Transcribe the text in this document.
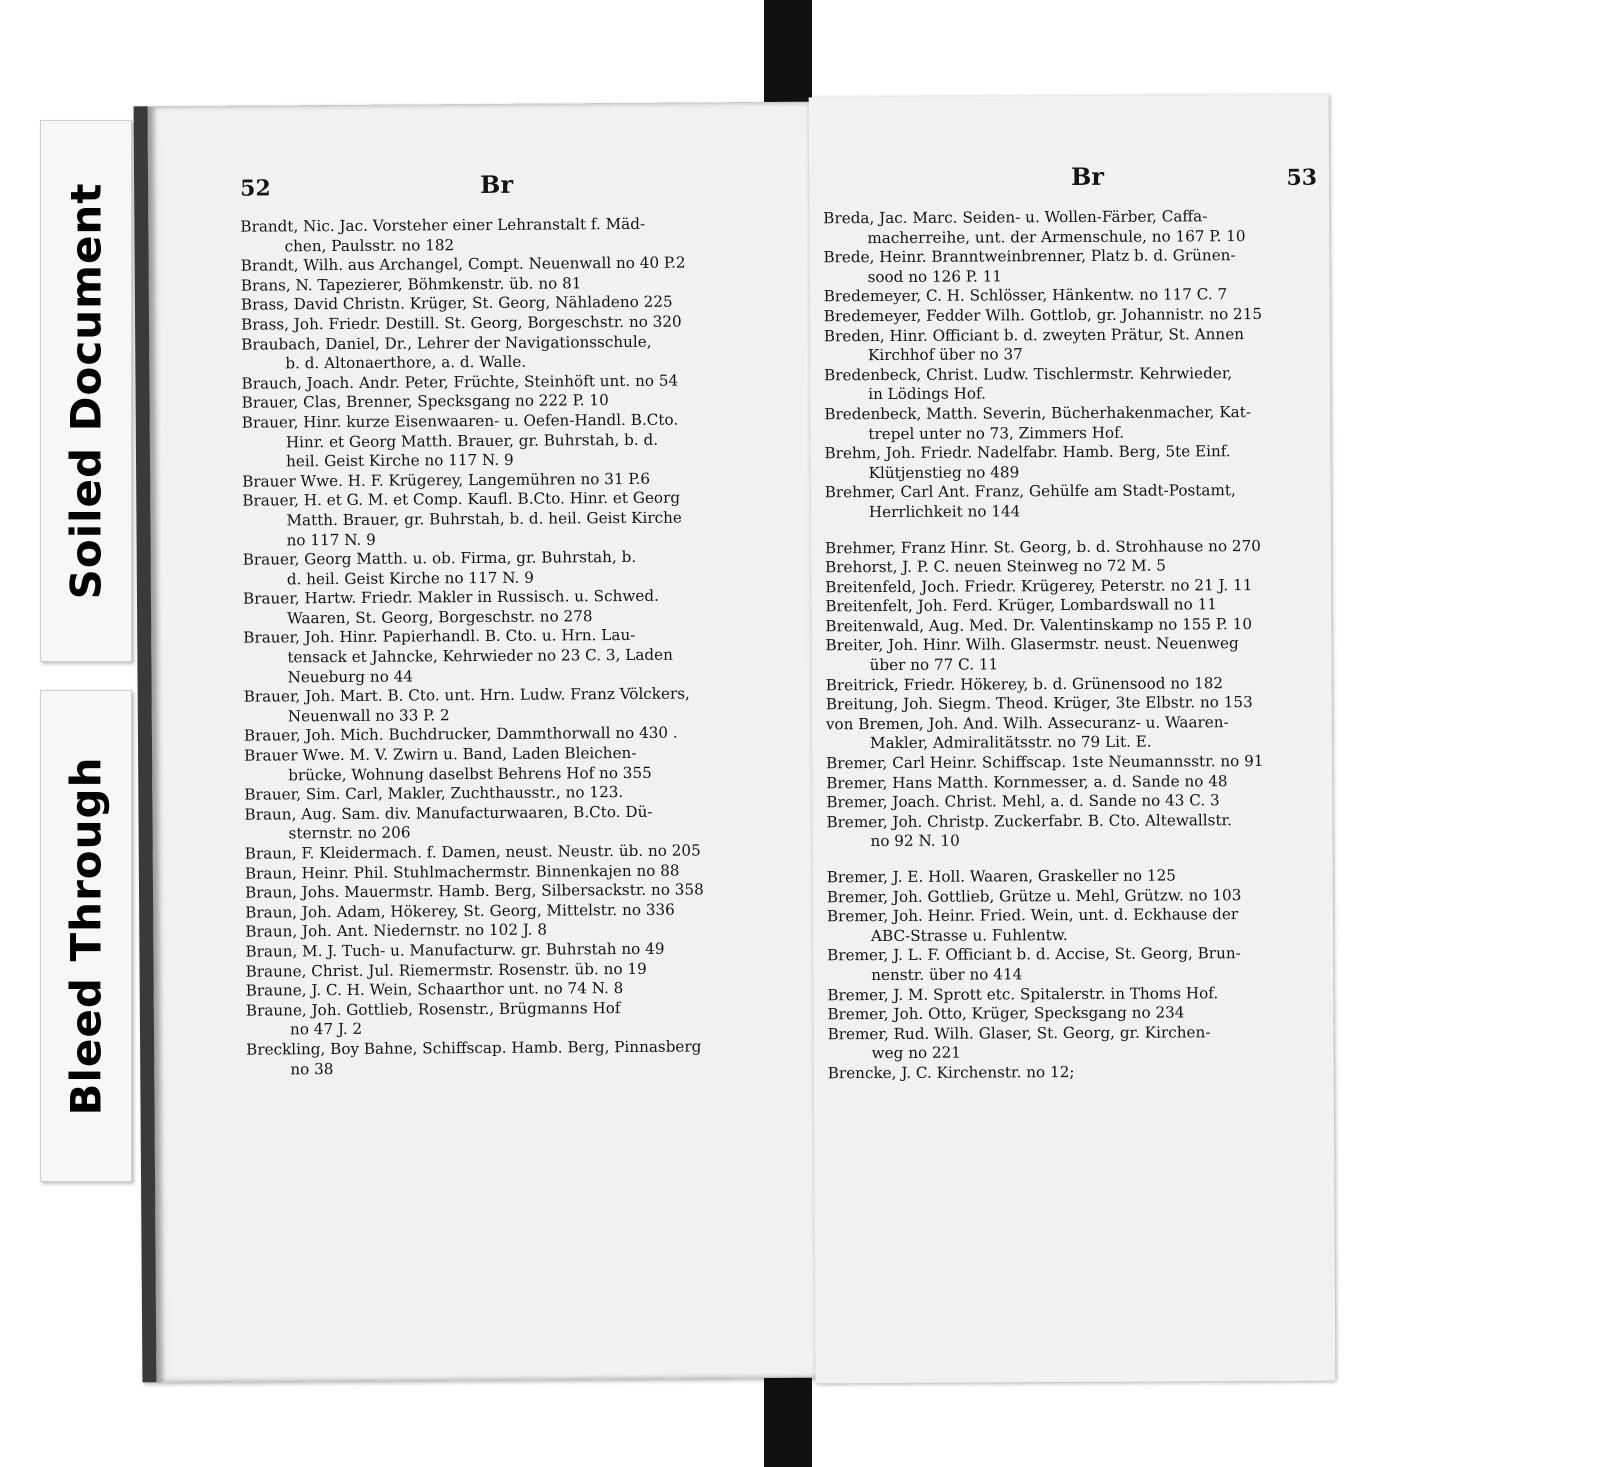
Soiled Document
Bleed Through
52	Br
Brandt, Nic. Jac. Vorsteher einer Lehranstalt f. Mäd-
chen, Paulsstr. no 182
Brandt, Wilh. aus Archangel, Compt. Neuenwall no 40 P.2
Brans, N. Tapezierer, Böhmkenstr. üb. no 81
Brass, David Christn. Krüger, St. Georg, Nähladeno 225
Brass, Joh. Friedr. Destill. St. Georg, Borgeschstr. no 320
Braubach, Daniel, Dr., Lehrer der Navigationsschule,
b. d. Altonaerthore, a. d. Walle.
Brauch, Joach. Andr. Peter, Früchte, Steinhöft unt. no 54
Brauer, Clas, Brenner, Specksgang no 222 P. 10
Brauer, Hinr. kurze Eisenwaaren- u. Oefen-Handl. B.Cto.
Hinr. et Georg Matth. Brauer, gr. Buhrstah, b. d.
heil. Geist Kirche no 117 N. 9
Brauer Wwe. H. F. Krügerey, Langemühren no 31 P.6
Brauer, H. et G. M. et Comp. Kaufl. B.Cto. Hinr. et Georg
Matth. Brauer, gr. Buhrstah, b. d. heil. Geist Kirche
no 117 N. 9
Brauer, Georg Matth. u. ob. Firma, gr. Buhrstah, b.
d. heil. Geist Kirche no 117 N. 9
Brauer, Hartw. Friedr. Makler in Russisch. u. Schwed.
Waaren, St. Georg, Borgeschstr. no 278
Brauer, Joh. Hinr. Papierhandl. B. Cto. u. Hrn. Lau-
tensack et Jahncke, Kehrwieder no 23 C. 3, Laden
Neueburg no 44
Brauer, Joh. Mart. B. Cto. unt. Hrn. Ludw. Franz Völckers,
Neuenwall no 33 P. 2
Brauer, Joh. Mich. Buchdrucker, Dammthorwall no 430 .
Brauer Wwe. M. V. Zwirn u. Band, Laden Bleichen-
brücke, Wohnung daselbst Behrens Hof no 355
Brauer, Sim. Carl, Makler, Zuchthausstr., no 123.
Braun, Aug. Sam. div. Manufacturwaaren, B.Cto. Dü-
sternstr. no 206
Braun, F. Kleidermach. f. Damen, neust. Neustr. üb. no 205
Braun, Heinr. Phil. Stuhlmachermstr. Binnenkajen no 88
Braun, Johs. Mauermstr. Hamb. Berg, Silbersackstr. no 358
Braun, Joh. Adam, Hökerey, St. Georg, Mittelstr. no 336
Braun, Joh. Ant. Niedernstr. no 102 J. 8
Braun, M. J. Tuch- u. Manufacturw. gr. Buhrstah no 49
Braune, Christ. Jul. Riemermstr. Rosenstr. üb. no 19
Braune, J. C. H. Wein, Schaarthor unt. no 74 N. 8
Braune, Joh. Gottlieb, Rosenstr., Brügmanns Hof
no 47 J. 2
Breckling, Boy Bahne, Schiffscap. Hamb. Berg, Pinnasberg
no 38
53
Br
Breda, Jac. Marc. Seiden- u. Wollen-Färber, Caffa-
macherreihe, unt. der Armenschule, no 167 P. 10
Brede, Heinr. Branntweinbrenner, Platz b. d. Grünen-
sood no 126 P. 11
Bredemeyer, C. H. Schlösser, Hänkentw. no 117 C. 7
Bredemeyer, Fedder Wilh. Gottlob, gr. Johannistr. no 215
Breden, Hinr. Officiant b. d. zweyten Prätur, St. Annen
Kirchhof über no 37
Bredenbeck, Christ. Ludw. Tischlermstr. Kehrwieder,
in Lödings Hof.
Bredenbeck, Matth. Severin, Bücherhakenmacher, Kat-
trepel unter no 73, Zimmers Hof.
Brehm, Joh. Friedr. Nadelfabr. Hamb. Berg, 5te Einf.
Klütjenstieg no 489
Brehmer, Carl Ant. Franz, Gehülfe am Stadt-Postamt,
Herrlichkeit no 144
Brehmer, Franz Hinr. St. Georg, b. d. Strohhause no 270
Brehorst, J. P. C. neuen Steinweg no 72 M. 5
Breitenfeld, Joch. Friedr. Krügerey, Peterstr. no 21 J. 11
Breitenfelt, Joh. Ferd. Krüger, Lombardswall no 11
Breitenwald, Aug. Med. Dr. Valentinskamp no 155 P. 10
Breiter, Joh. Hinr. Wilh. Glasermstr. neust. Neuenweg
über no 77 C. 11
Breitrick, Friedr. Hökerey, b. d. Grünensood no 182
Breitung, Joh. Siegm. Theod. Krüger, 3te Elbstr. no 153
von Bremen, Joh. And. Wilh. Assecuranz- u. Waaren-
Makler, Admiralitätsstr. no 79 Lit. E.
Bremer, Carl Heinr. Schiffscap. 1ste Neumannsstr. no 91
Bremer, Hans Matth. Kornmesser, a. d. Sande no 48
Bremer, Joach. Christ. Mehl, a. d. Sande no 43 C. 3
Bremer, Joh. Christp. Zuckerfabr. B. Cto. Altewallstr.
no 92 N. 10
Bremer, J. E. Holl. Waaren, Graskeller no 125
Bremer, Joh. Gottlieb, Grütze u. Mehl, Grützw. no 103
Bremer, Joh. Heinr. Fried. Wein, unt. d. Eckhause der
ABC-Strasse u. Fuhlentw.
Bremer, J. L. F. Officiant b. d. Accise, St. Georg, Brun-
nenstr. über no 414
Bremer, J. M. Sprott etc. Spitalerstr. in Thoms Hof.
Bremer, Joh. Otto, Krüger, Specksgang no 234
Bremer, Rud. Wilh. Glaser, St. Georg, gr. Kirchen-
weg no 221
Brencke, J. C. Kirchenstr. no 12;
